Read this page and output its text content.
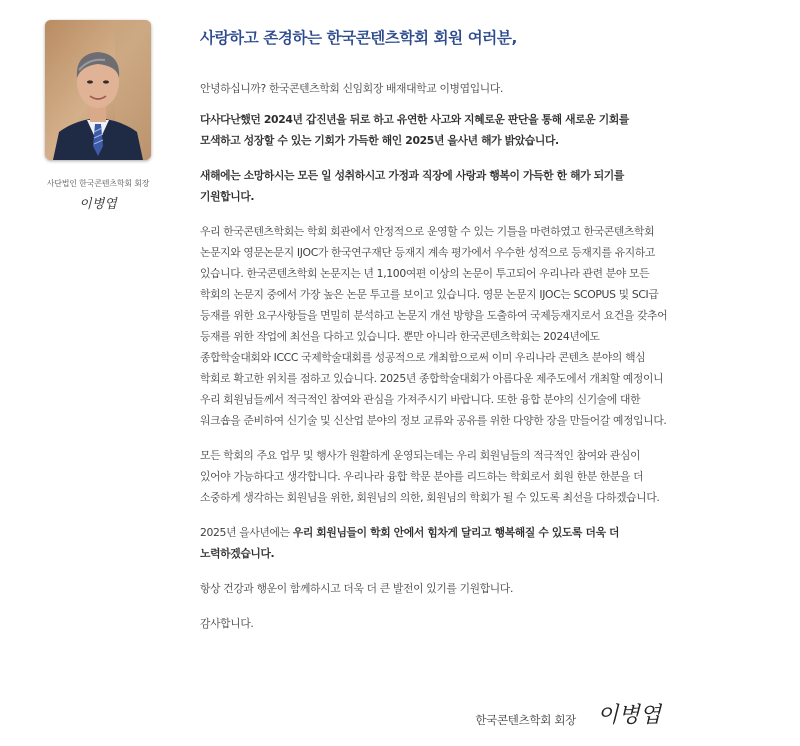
사단법인 한국콘텐츠학회 회장
이병엽
사랑하고 존경하는 한국콘텐츠학회 회원 여러분,

안녕하십니까? 한국콘텐츠학회 신임회장 배재대학교 이병엽입니다.

다사다난했던 2024년 갑진년을 뒤로 하고 유연한 사고와 지혜로운 판단을 통해 새로운 기회를 모색하고 성장할 수 있는 기회가 가득한 해인 2025년 을사년 해가 밝았습니다.

새해에는 소망하시는 모든 일 성취하시고 가정과 직장에 사랑과 행복이 가득한 한 해가 되기를 기원합니다.

우리 한국콘텐츠학회는 학회 회관에서 안정적으로 운영할 수 있는 기틀을 마련하였고 한국콘텐츠학회 논문지와 영문논문지 IJOC가 한국연구재단 등재지 계속 평가에서 우수한 성적으로 등재지를 유지하고 있습니다. 한국콘텐츠학회 논문지는 년 1,100여편 이상의 논문이 투고되어 우리나라 관련 분야 모든 학회의 논문지 중에서 가장 높은 논문 투고를 보이고 있습니다. 영문 논문지 IJOC는 SCOPUS 및 SCI급 등재를 위한 요구사항들을 면밀히 분석하고 논문지 개선 방향을 도출하여 국제등재지로서 요건을 갖추어 등재를 위한 작업에 최선을 다하고 있습니다. 뿐만 아니라 한국콘텐츠학회는 2024년에도 종합학술대회와 ICCC 국제학술대회를 성공적으로 개최함으로써 이미 우리나라 콘텐츠 분야의 핵심 학회로 확고한 위치를 점하고 있습니다. 2025년 종합학술대회가 아름다운 제주도에서 개최할 예정이니 우리 회원님들께서 적극적인 참여와 관심을 가져주시기 바랍니다. 또한 융합 분야의 신기술에 대한 워크숍을 준비하여 신기술 및 신산업 분야의 정보 교류와 공유를 위한 다양한 장을 만들어갈 예정입니다.

모든 학회의 주요 업무 및 행사가 원활하게 운영되는데는 우리 회원님들의 적극적인 참여와 관심이 있어야 가능하다고 생각합니다. 우리나라 융합 학문 분야를 리드하는 학회로서 회원 한분 한분을 더 소중하게 생각하는 회원님을 위한, 회원님의 의한, 회원님의 학회가 될 수 있도록 최선을 다하겠습니다.

2025년 을사년에는 우리 회원님들이 학회 안에서 힘차게 달리고 행복해질 수 있도록 더욱 더 노력하겠습니다.

항상 건강과 행운이 함께하시고 더욱 더 큰 발전이 있기를 기원합니다.

감사합니다.

한국콘텐츠학회 회장 이병엽
